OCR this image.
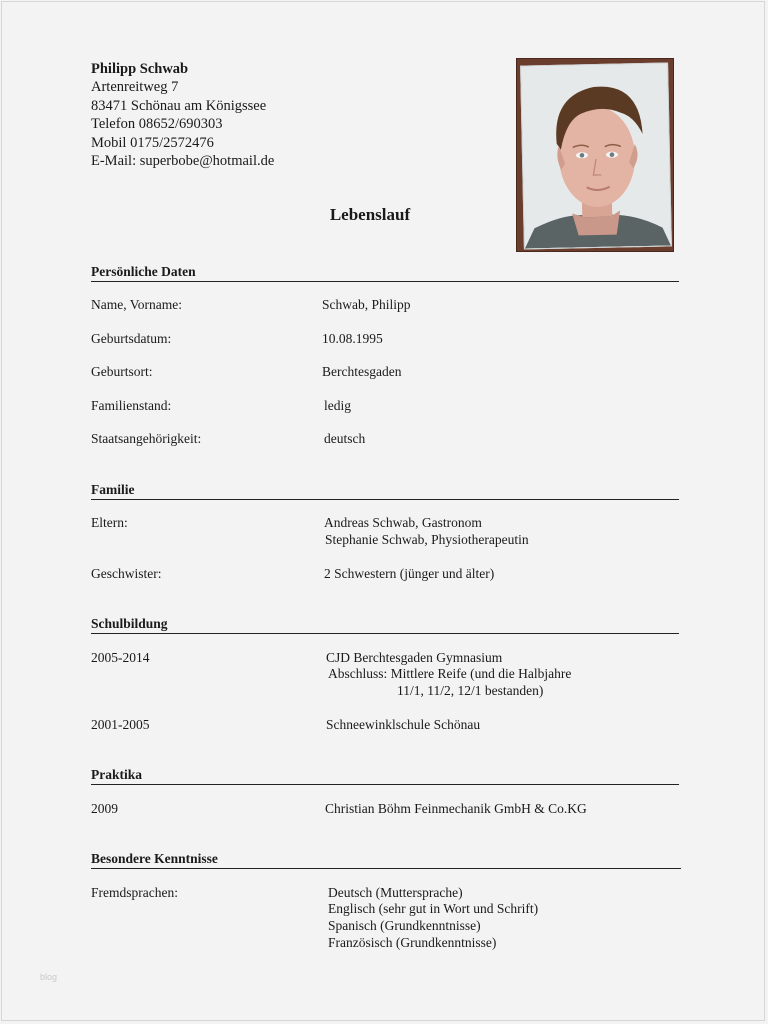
Philipp Schwab
Artenreitweg 7
83471 Schönau am Königssee
Telefon 08652/690303
Mobil 0175/2572476
E-Mail: superbobe@hotmail.de
Lebenslauf
Persönliche Daten
Name, Vorname:	Schwab, Philipp
Geburtsdatum:	10.08.1995
Geburtsort:	Berchtesgaden
Familienstand:	ledig
Staatsangehörigkeit:	deutsch
Familie
Eltern:	Andreas Schwab, Gastronom
Stephanie Schwab, Physiotherapeutin
Geschwister:	2 Schwestern (jünger und älter)
Schulbildung
2005-2014	CJD Berchtesgaden Gymnasium
Abschluss: Mittlere Reife (und die Halbjahre
11/1, 11/2, 12/1 bestanden)
2001-2005	Schneewinklschule Schönau
Praktika
2009	Christian Böhm Feinmechanik GmbH & Co.KG
Besondere Kenntnisse
Fremdsprachen:	Deutsch (Muttersprache)
Englisch (sehr gut in Wort und Schrift)
Spanisch (Grundkenntnisse)
Französisch (Grundkenntnisse)
blog
